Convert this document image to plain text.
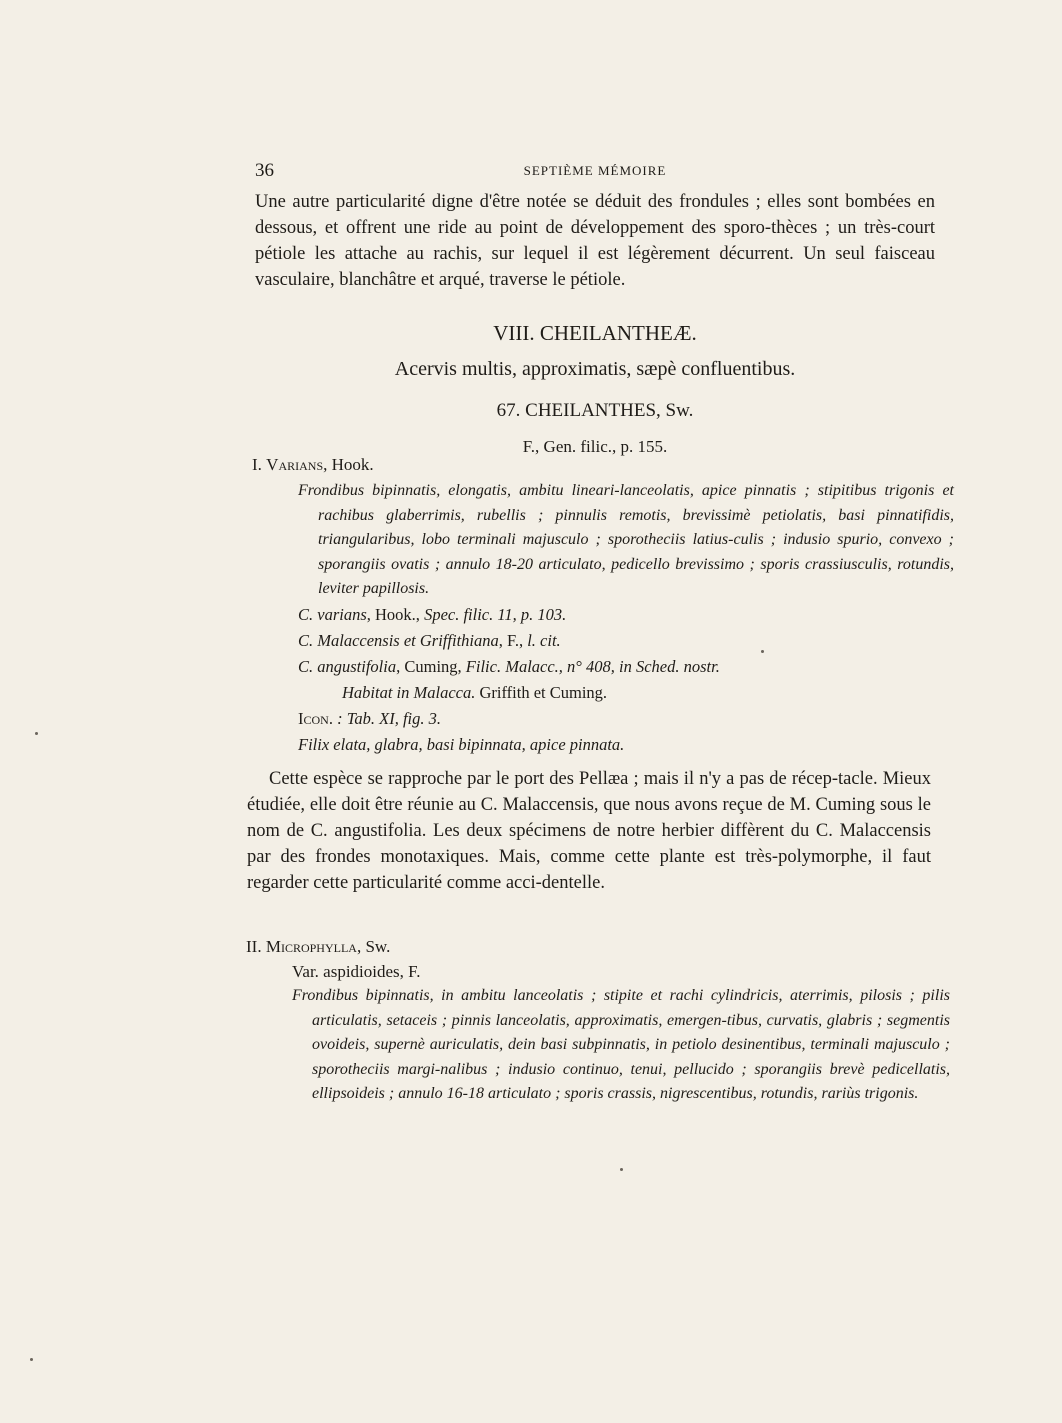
36	SEPTIÈME MÉMOIRE
Une autre particularité digne d'être notée se déduit des frondules ; elles sont bombées en dessous, et offrent une ride au point de développement des sporo-thèces ; un très-court pétiole les attache au rachis, sur lequel il est légèrement décurrent. Un seul faisceau vasculaire, blanchâtre et arqué, traverse le pétiole.
VIII. CHEILANTHEÆ.
Acervis multis, approximatis, sæpè confluentibus.
67. CHEILANTHES, Sw.
F., Gen. filic., p. 155.
I. Varians, Hook.
Frondibus bipinnatis, elongatis, ambitu lineari-lanceolatis, apice pinnatis ; stipitibus trigonis et rachibus glaberrimis, rubellis ; pinnulis remotis, brevissimè petiolatis, basi pinnatifidis, triangularibus, lobo terminali majusculo ; sporotheciis latius-culis ; indusio spurio, convexo ; sporangiis ovatis ; annulo 18-20 articulato, pedicello brevissimo ; sporis crassiusculis, rotundis, leviter papillosis.
C. varians, Hook., Spec. filic. 11, p. 103.
C. Malaccensis et Griffithiana, F., l. cit.
C. angustifolia, Cuming, Filic. Malacc., n° 408, in Sched. nostr.
Habitat in Malacca. Griffith et Cuming.
Icon. : Tab. XI, fig. 3.
Filix elata, glabra, basi bipinnata, apice pinnata.
Cette espèce se rapproche par le port des Pellæa ; mais il n'y a pas de récep-tacle. Mieux étudiée, elle doit être réunie au C. Malaccensis, que nous avons reçue de M. Cuming sous le nom de C. angustifolia. Les deux spécimens de notre herbier diffèrent du C. Malaccensis par des frondes monotaxiques. Mais, comme cette plante est très-polymorphe, il faut regarder cette particularité comme acci-dentelle.
II. Microphylla, Sw.
Var. aspidioides, F.
Frondibus bipinnatis, in ambitu lanceolatis ; stipite et rachi cylindricis, aterrimis, pilosis ; pilis articulatis, setaceis ; pinnis lanceolatis, approximatis, emergen-tibus, curvatis, glabris ; segmentis ovoideis, supernè auriculatis, dein basi subpinnatis, in petiolo desinentibus, terminali majusculo ; sporotheciis margi-nalibus ; indusio continuo, tenui, pellucido ; sporangiis brevè pedicellatis, ellipsoideis ; annulo 16-18 articulato ; sporis crassis, nigrescentibus, rotundis, rariùs trigonis.
